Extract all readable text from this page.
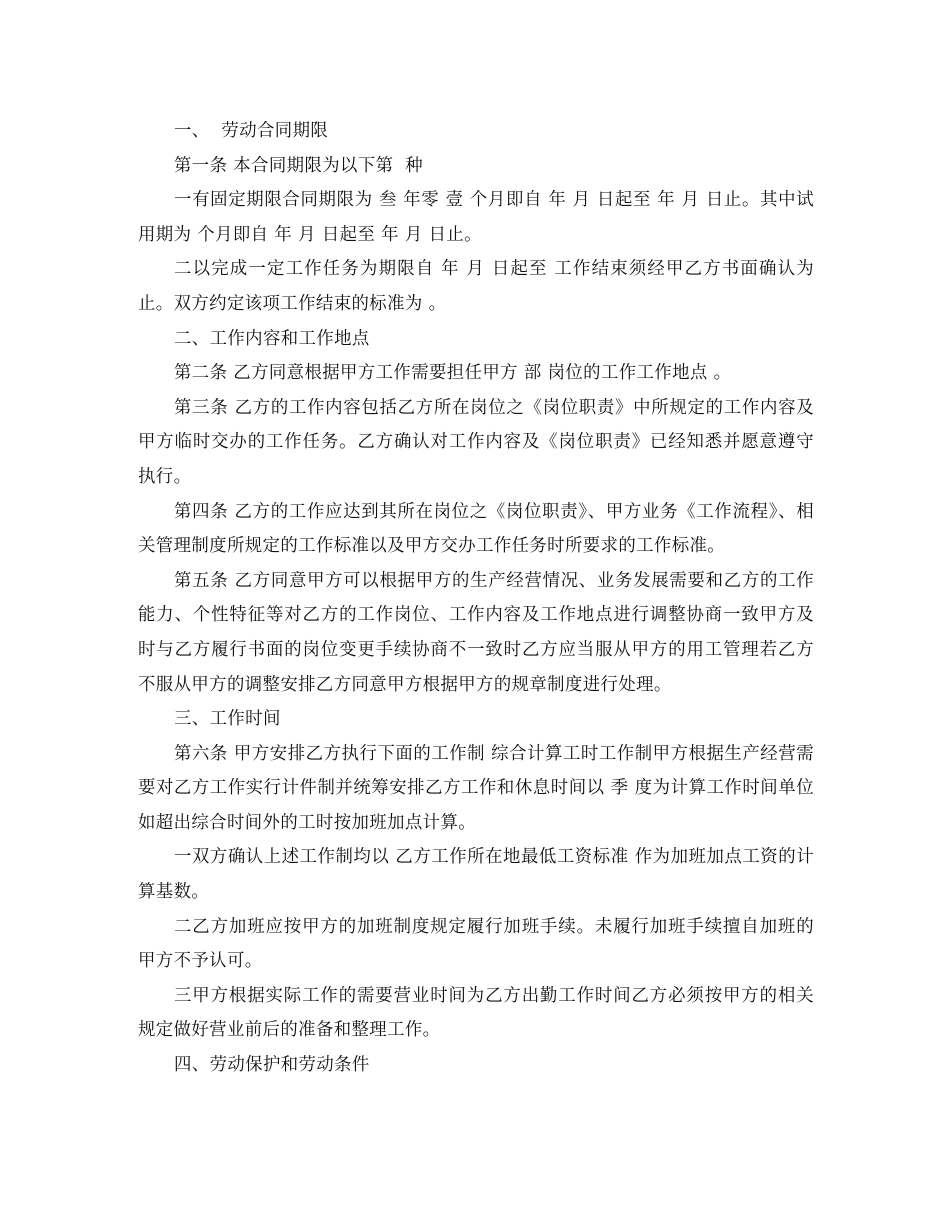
一、  劳动合同期限

第一条 本合同期限为以下第  种

一有固定期限合同期限为 叁 年零 壹 个月即自 年 月 日起至 年 月 日止。其中试用期为 个月即自 年 月 日起至 年 月 日止。

二以完成一定工作任务为期限自 年 月 日起至 工作结束须经甲乙方书面确认为止。双方约定该项工作结束的标准为 。

二、工作内容和工作地点

第二条 乙方同意根据甲方工作需要担任甲方 部 岗位的工作工作地点 。

第三条 乙方的工作内容包括乙方所在岗位之《岗位职责》中所规定的工作内容及甲方临时交办的工作任务。乙方确认对工作内容及《岗位职责》已经知悉并愿意遵守执行。

第四条 乙方的工作应达到其所在岗位之《岗位职责》、甲方业务《工作流程》、相关管理制度所规定的工作标准以及甲方交办工作任务时所要求的工作标准。

第五条 乙方同意甲方可以根据甲方的生产经营情况、业务发展需要和乙方的工作能力、个性特征等对乙方的工作岗位、工作内容及工作地点进行调整协商一致甲方及时与乙方履行书面的岗位变更手续协商不一致时乙方应当服从甲方的用工管理若乙方不服从甲方的调整安排乙方同意甲方根据甲方的规章制度进行处理。

三、工作时间

第六条 甲方安排乙方执行下面的工作制 综合计算工时工作制甲方根据生产经营需要对乙方工作实行计件制并统筹安排乙方工作和休息时间以 季 度为计算工作时间单位如超出综合时间外的工时按加班加点计算。

一双方确认上述工作制均以 乙方工作所在地最低工资标准 作为加班加点工资的计算基数。

二乙方加班应按甲方的加班制度规定履行加班手续。未履行加班手续擅自加班的甲方不予认可。

三甲方根据实际工作的需要营业时间为乙方出勤工作时间乙方必须按甲方的相关规定做好营业前后的准备和整理工作。

四、劳动保护和劳动条件
